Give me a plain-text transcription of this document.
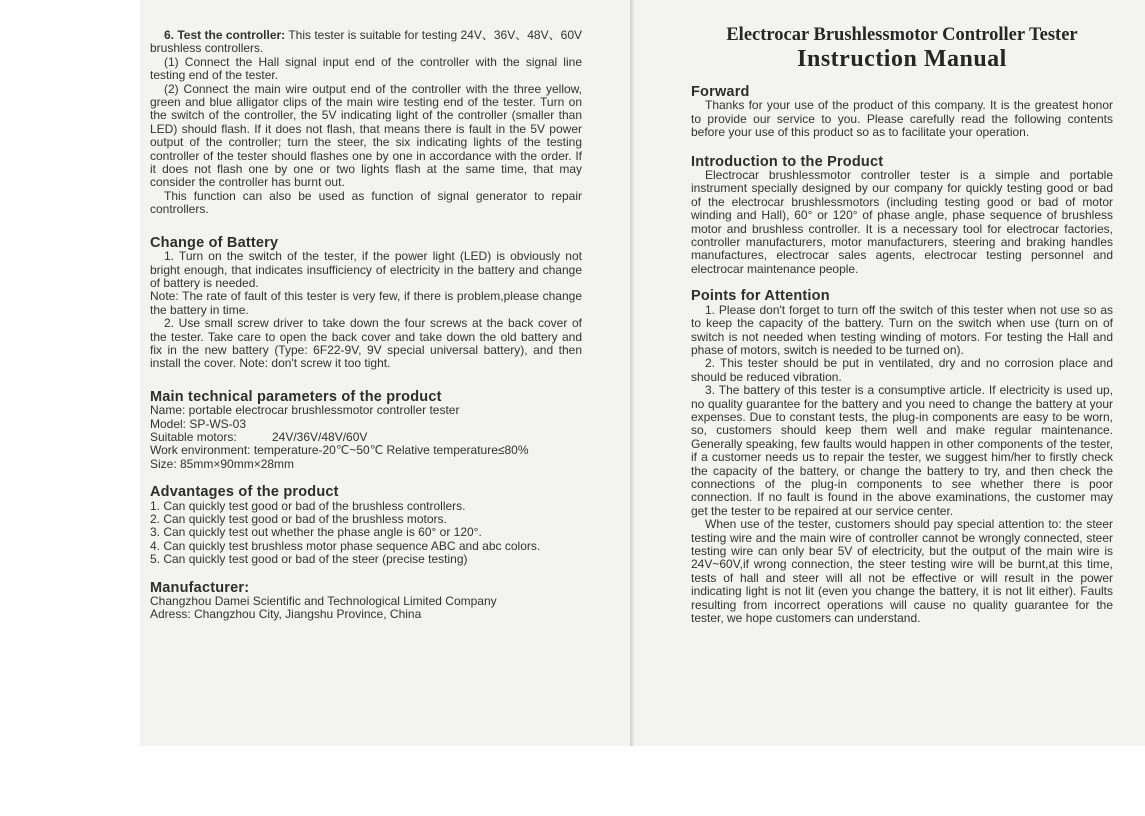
6. Test the controller: This tester is suitable for testing 24V、36V、48V、60V brushless controllers.

(1) Connect the Hall signal input end of the controller with the signal line testing end of the tester.

(2) Connect the main wire output end of the controller with the three yellow, green and blue alligator clips of the main wire testing end of the tester. Turn on the switch of the controller, the 5V indicating light of the controller (smaller than LED) should flash. If it does not flash, that means there is fault in the 5V power output of the controller; turn the steer, the six indicating lights of the testing controller of the tester should flashes one by one in accordance with the order. If it does not flash one by one or two lights flash at the same time, that may consider the controller has burnt out.

This function can also be used as function of signal generator to repair controllers.

Change of Battery

1. Turn on the switch of the tester, if the power light (LED) is obviously not bright enough, that indicates insufficiency of electricity in the battery and change of battery is needed.

Note: The rate of fault of this tester is very few, if there is problem,please change the battery in time.

2. Use small screw driver to take down the four screws at the back cover of the tester. Take care to open the back cover and take down the old battery and fix in the new battery (Type: 6F22-9V, 9V special universal battery), and then install the cover. Note: don't screw it too tight.

Main technical parameters of the product

Name: portable electrocar brushlessmotor controller tester

Model: SP-WS-03

Suitable motors:	24V/36V/48V/60V

Work environment: temperature-20℃~50℃ Relative temperature≤80%

Size: 85mm×90mm×28mm

Advantages of the product

1. Can quickly test good or bad of the brushless controllers.

2. Can quickly test good or bad of the brushless motors.

3. Can quickly test out whether the phase angle is 60° or 120°.

4. Can quickly test brushless motor phase sequence ABC and abc colors.

5. Can quickly test good or bad of the steer (precise testing)

Manufacturer:

Changzhou Damei Scientific and Technological Limited Company

Adress: Changzhou City, Jiangshu Province, China

Electrocar Brushlessmotor Controller Tester

Instruction Manual

Forward

Thanks for your use of the product of this company. It is the greatest honor to provide our service to you. Please carefully read the following contents before your use of this product so as to facilitate your operation.

Introduction to the Product

Electrocar brushlessmotor controller tester is a simple and portable instrument specially designed by our company for quickly testing good or bad of the electrocar brushlessmotors (including testing good or bad of motor winding and Hall), 60° or 120° of phase angle, phase sequence of brushless motor and brushless controller. It is a necessary tool for electrocar factories, controller manufacturers, motor manufacturers, steering and braking handles manufactures, electrocar sales agents, electrocar testing personnel and electrocar maintenance people.

Points for Attention

1. Please don't forget to turn off the switch of this tester when not use so as to keep the capacity of the battery. Turn on the switch when use (turn on of switch is not needed when testing winding of motors. For testing the Hall and phase of motors, switch is needed to be turned on).

2. This tester should be put in ventilated, dry and no corrosion place and should be reduced vibration.

3. The battery of this tester is a consumptive article. If electricity is used up, no quality guarantee for the battery and you need to change the battery at your expenses. Due to constant tests, the plug-in components are easy to be worn, so, customers should keep them well and make regular maintenance. Generally speaking, few faults would happen in other components of the tester, if a customer needs us to repair the tester, we suggest him/her to firstly check the capacity of the battery, or change the battery to try, and then check the connections of the plug-in components to see whether there is poor connection. If no fault is found in the above examinations, the customer may get the tester to be repaired at our service center.

When use of the tester, customers should pay special attention to: the steer testing wire and the main wire of controller cannot be wrongly connected, steer testing wire can only bear 5V of electricity, but the output of the main wire is 24V~60V,if wrong connection, the steer testing wire will be burnt,at this time, tests of hall and steer will all not be effective or will result in the power indicating light is not lit (even you change the battery, it is not lit either). Faults resulting from incorrect operations will cause no quality guarantee for the tester, we hope customers can understand.
